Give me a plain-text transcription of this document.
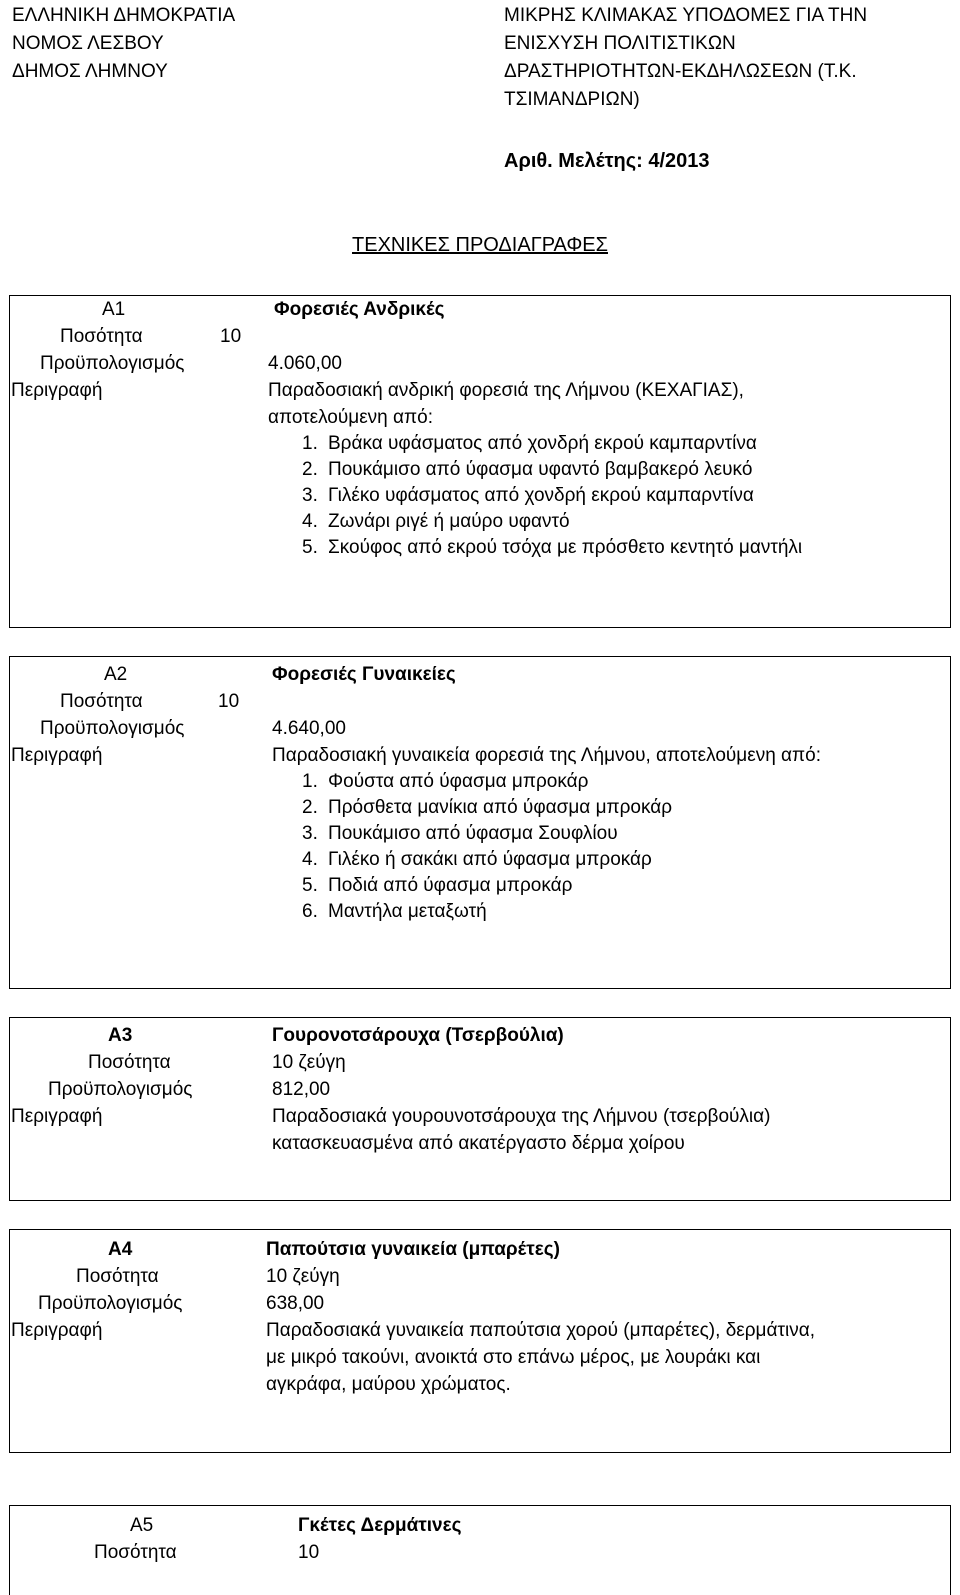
ΕΛΛΗΝΙΚΗ ΔΗΜΟΚΡΑΤΙΑ
ΝΟΜΟΣ ΛΕΣΒΟΥ
ΔΗΜΟΣ ΛΗΜΝΟΥ
ΜΙΚΡΗΣ ΚΛΙΜΑΚΑΣ ΥΠΟΔΟΜΕΣ ΓΙΑ ΤΗΝ
ΕΝΙΣΧΥΣΗ ΠΟΛΙΤΙΣΤΙΚΩΝ
ΔΡΑΣΤΗΡΙΟΤΗΤΩΝ-ΕΚΔΗΛΩΣΕΩΝ (Τ.Κ.
ΤΣΙΜΑΝΔΡΙΩΝ)
Αριθ. Μελέτης: 4/2013
ΤΕΧΝΙΚΕΣ ΠΡΟΔΙΑΓΡΑΦΕΣ
Α1	Φορεσιές Ανδρικές
Ποσότητα	10
Προϋπολογισμός	4.060,00
Περιγραφή	Παραδοσιακή ανδρική φορεσιά της Λήμνου (ΚΕΧΑΓΙΑΣ),
αποτελούμενη από:
1. Βράκα υφάσματος από χονδρή εκρού καμπαρντίνα
2. Πουκάμισο από ύφασμα υφαντό βαμβακερό λευκό
3. Γιλέκο υφάσματος από χονδρή εκρού καμπαρντίνα
4. Ζωνάρι ριγέ ή μαύρο υφαντό
5. Σκούφος από εκρού τσόχα με πρόσθετο κεντητό μαντήλι
Α2	Φορεσιές Γυναικείες
Ποσότητα	10
Προϋπολογισμός	4.640,00
Περιγραφή	Παραδοσιακή γυναικεία φορεσιά της Λήμνου, αποτελούμενη από:
1. Φούστα από ύφασμα μπροκάρ
2. Πρόσθετα μανίκια από ύφασμα μπροκάρ
3. Πουκάμισο από ύφασμα Σουφλίου
4. Γιλέκο ή σακάκι από ύφασμα μπροκάρ
5. Ποδιά από ύφασμα μπροκάρ
6. Μαντήλα μεταξωτή
Α3	Γουρονοτσάρουχα (Τσερβούλια)
Ποσότητα	10 ζεύγη
Προϋπολογισμός	812,00
Περιγραφή	Παραδοσιακά γουρουνοτσάρουχα της Λήμνου (τσερβούλια)
κατασκευασμένα από ακατέργαστο δέρμα χοίρου
Α4	Παπούτσια γυναικεία (μπαρέτες)
Ποσότητα	10 ζεύγη
Προϋπολογισμός	638,00
Περιγραφή	Παραδοσιακά γυναικεία παπούτσια χορού (μπαρέτες), δερμάτινα,
με μικρό τακούνι, ανοικτά στο επάνω μέρος, με λουράκι και
αγκράφα, μαύρου χρώματος.
Α5	Γκέτες Δερμάτινες
Ποσότητα	10
